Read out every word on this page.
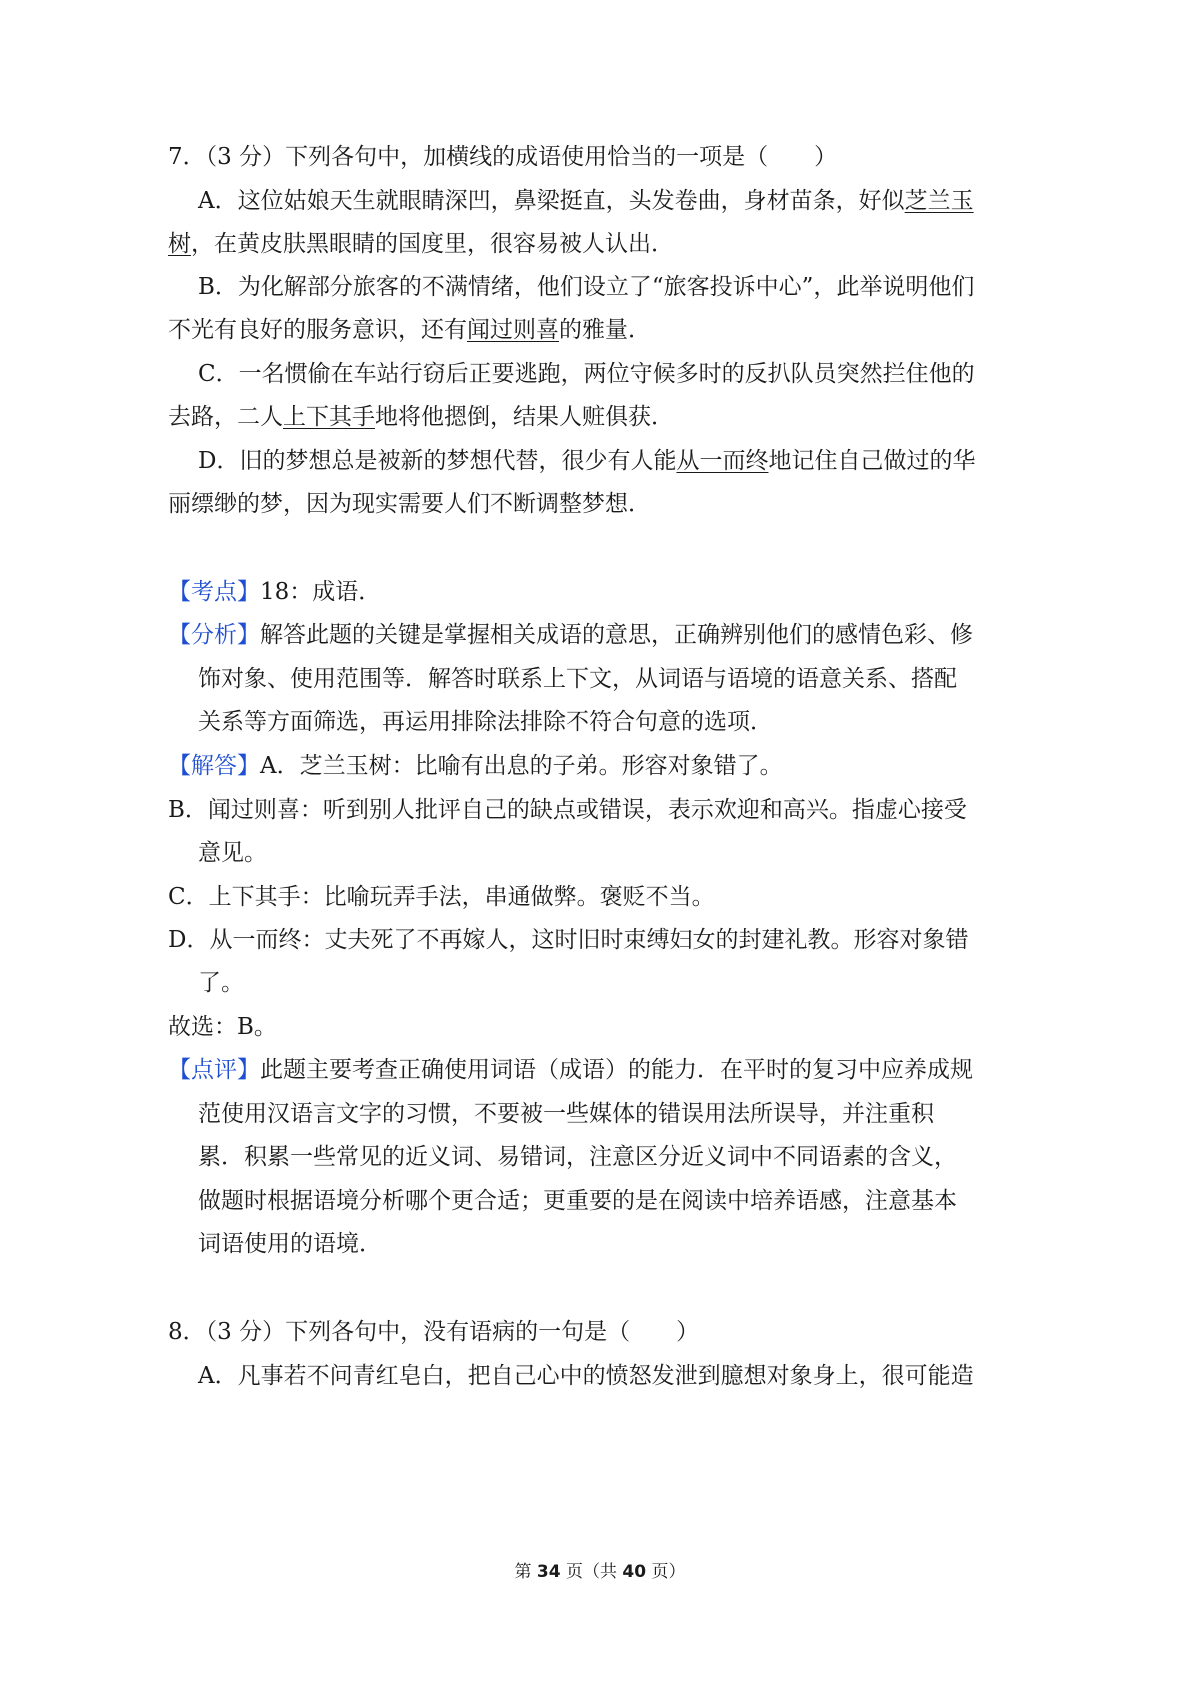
7．（3 分）下列各句中，加横线的成语使用恰当的一项是（　　）
A．这位姑娘天生就眼睛深凹，鼻梁挺直，头发卷曲，身材苗条，好似芝兰玉
树，在黄皮肤黑眼睛的国度里，很容易被人认出．
B．为化解部分旅客的不满情绪，他们设立了“旅客投诉中心”，此举说明他们
不光有良好的服务意识，还有闻过则喜的雅量．
C．一名惯偷在车站行窃后正要逃跑，两位守候多时的反扒队员突然拦住他的
去路，二人上下其手地将他摁倒，结果人赃俱获．
D．旧的梦想总是被新的梦想代替，很少有人能从一而终地记住自己做过的华
丽缥缈的梦，因为现实需要人们不断调整梦想．
【考点】18：成语．
【分析】解答此题的关键是掌握相关成语的意思，正确辨别他们的感情色彩、修
饰对象、使用范围等．解答时联系上下文，从词语与语境的语意关系、搭配
关系等方面筛选，再运用排除法排除不符合句意的选项．
【解答】A．芝兰玉树：比喻有出息的子弟。形容对象错了。
B．闻过则喜：听到别人批评自己的缺点或错误，表示欢迎和高兴。指虚心接受
意见。
C．上下其手：比喻玩弄手法，串通做弊。褒贬不当。
D．从一而终：丈夫死了不再嫁人，这时旧时束缚妇女的封建礼教。形容对象错
了。
故选：B。
【点评】此题主要考查正确使用词语（成语）的能力．在平时的复习中应养成规
范使用汉语言文字的习惯，不要被一些媒体的错误用法所误导，并注重积
累．积累一些常见的近义词、易错词，注意区分近义词中不同语素的含义，
做题时根据语境分析哪个更合适；更重要的是在阅读中培养语感，注意基本
词语使用的语境．
8．（3 分）下列各句中，没有语病的一句是（　　）
A．凡事若不问青红皂白，把自己心中的愤怒发泄到臆想对象身上，很可能造
第 34 页（共 40 页）
